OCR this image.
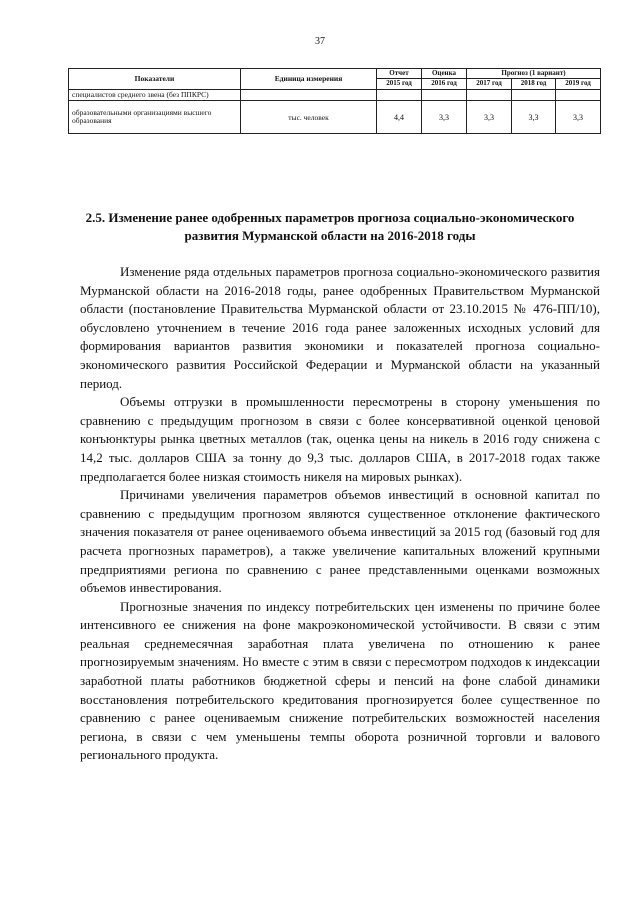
37
Показатели	Единица измерения	Отчет	Оценка	Прогноз (1 вариант)		
		2015 год	2016 год	2017 год	2018 год	2019 год
специалистов среднего звена (без ППКРС)						
образовательными организациями высшего образования	тыс. человек	4,4	3,3	3,3	3,3	3,3
2.5. Изменение ранее одобренных параметров прогноза социально-экономического развития Мурманской области на 2016-2018 годы

Изменение ряда отдельных параметров прогноза социально-экономического развития Мурманской области на 2016-2018 годы, ранее одобренных Правительством Мурманской области (постановление Правительства Мурманской области от 23.10.2015 № 476-ПП/10), обусловлено уточнением в течение 2016 года ранее заложенных исходных условий для формирования вариантов развития экономики и показателей прогноза социально-экономического развития Российской Федерации и Мурманской области на указанный период.

Объемы отгрузки в промышленности пересмотрены в сторону уменьшения по сравнению с предыдущим прогнозом в связи с более консервативной оценкой ценовой конъюнктуры рынка цветных металлов (так, оценка цены на никель в 2016 году снижена с 14,2 тыс. долларов США за тонну до 9,3 тыс. долларов США, в 2017-2018 годах также предполагается более низкая стоимость никеля на мировых рынках).

Причинами увеличения параметров объемов инвестиций в основной капитал по сравнению с предыдущим прогнозом являются существенное отклонение фактического значения показателя от ранее оцениваемого объема инвестиций за 2015 год (базовый год для расчета прогнозных параметров), а также увеличение капитальных вложений крупными предприятиями региона по сравнению с ранее представленными оценками возможных объемов инвестирования.

Прогнозные значения по индексу потребительских цен изменены по причине более интенсивного ее снижения на фоне макроэкономической устойчивости. В связи с этим реальная среднемесячная заработная плата увеличена по отношению к ранее прогнозируемым значениям. Но вместе с этим в связи с пересмотром подходов к индексации заработной платы работников бюджетной сферы и пенсий на фоне слабой динамики восстановления потребительского кредитования прогнозируется более существенное по сравнению с ранее оцениваемым снижение потребительских возможностей населения региона, в связи с чем уменьшены темпы оборота розничной торговли и валового регионального продукта.
